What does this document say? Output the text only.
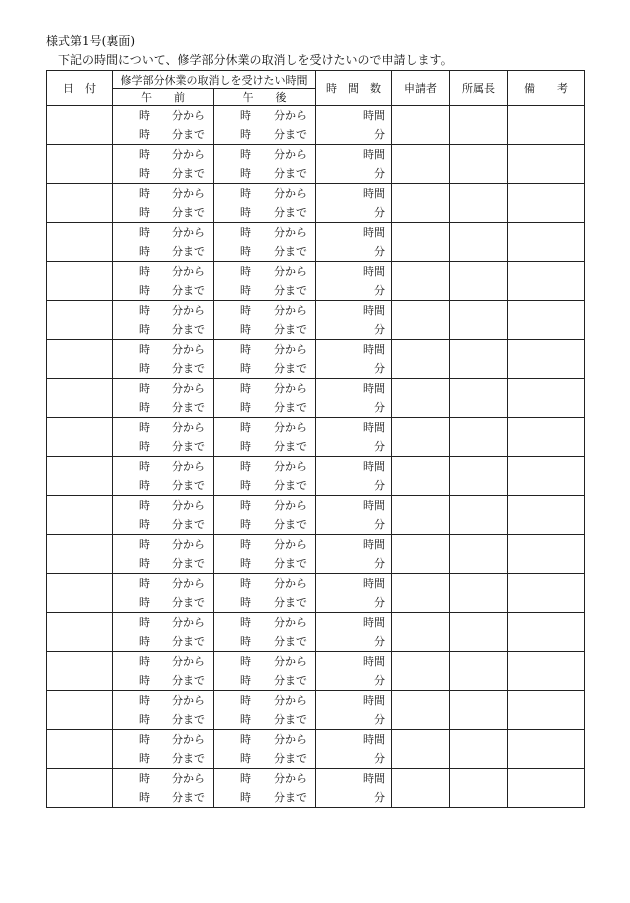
様式第1号(裏面)
下記の時間について、修学部分休業の取消しを受けたいので申請します。
日　付	修学部分休業の取消しを受けたい時間		時　間　数	申請者	所属長	備　　考
	午　　前	午　　後				

	時 分から	時 分から	時間			

	時 分まで	時 分まで	分			

	時 分から	時 分から	時間			

	時 分まで	時 分まで	分			

	時 分から	時 分から	時間			

	時 分まで	時 分まで	分			

	時 分から	時 分から	時間			

	時 分まで	時 分まで	分			

	時 分から	時 分から	時間			

	時 分まで	時 分まで	分			

	時 分から	時 分から	時間			

	時 分まで	時 分まで	分			

	時 分から	時 分から	時間			

	時 分まで	時 分まで	分			

	時 分から	時 分から	時間			

	時 分まで	時 分まで	分			

	時 分から	時 分から	時間			

	時 分まで	時 分まで	分			

	時 分から	時 分から	時間			

	時 分まで	時 分まで	分			

	時 分から	時 分から	時間			

	時 分まで	時 分まで	分			

	時 分から	時 分から	時間			

	時 分まで	時 分まで	分			

	時 分から	時 分から	時間			

	時 分まで	時 分まで	分			

	時 分から	時 分から	時間			

	時 分まで	時 分まで	分			

	時 分から	時 分から	時間			

	時 分まで	時 分まで	分			

	時 分から	時 分から	時間			

	時 分まで	時 分まで	分			

	時 分から	時 分から	時間			

	時 分まで	時 分まで	分			

	時 分から	時 分から	時間			

	時 分まで	時 分まで	分			
